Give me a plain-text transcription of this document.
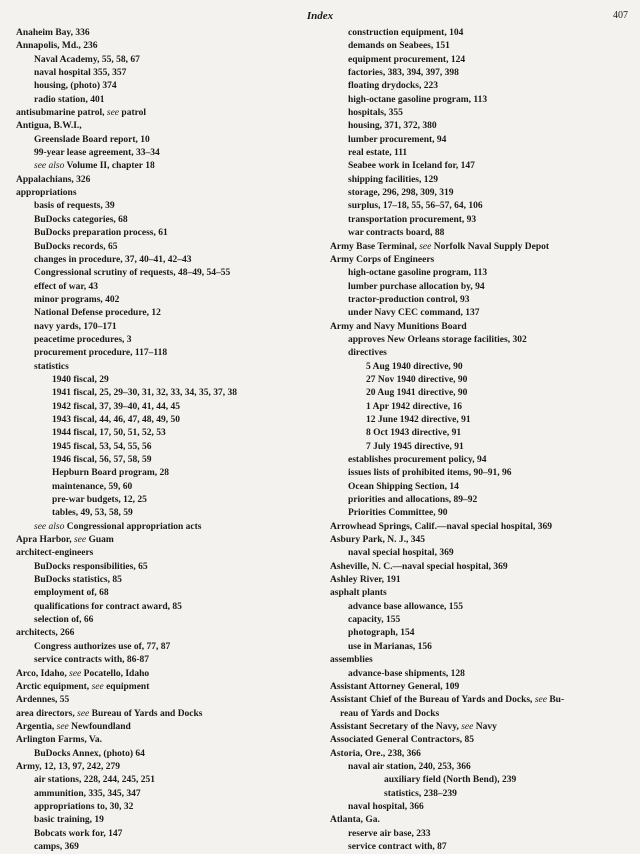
Index	407
Anaheim Bay, 336
Annapolis, Md., 236
Naval Academy, 55, 58, 67
naval hospital 355, 357
housing, (photo) 374
radio station, 401
antisubmarine patrol, see patrol
Antigua, B.W.I.,
Greenslade Board report, 10
99-year lease agreement, 33–34
see also Volume II, chapter 18
Appalachians, 326
appropriations
basis of requests, 39
BuDocks categories, 68
BuDocks preparation process, 61
BuDocks records, 65
changes in procedure, 37, 40–41, 42–43
Congressional scrutiny of requests, 48–49, 54–55
effect of war, 43
minor programs, 402
National Defense procedure, 12
navy yards, 170–171
peacetime procedures, 3
procurement procedure, 117–118
statistics
1940 fiscal, 29
1941 fiscal, 25, 29–30, 31, 32, 33, 34, 35, 37, 38
1942 fiscal, 37, 39–40, 41, 44, 45
1943 fiscal, 44, 46, 47, 48, 49, 50
1944 fiscal, 17, 50, 51, 52, 53
1945 fiscal, 53, 54, 55, 56
1946 fiscal, 56, 57, 58, 59
Hepburn Board program, 28
maintenance, 59, 60
pre-war budgets, 12, 25
tables, 49, 53, 58, 59
see also Congressional appropriation acts
Apra Harbor, see Guam
architect-engineers
BuDocks responsibilities, 65
BuDocks statistics, 85
employment of, 68
qualifications for contract award, 85
selection of, 66
architects, 266
Congress authorizes use of, 77, 87
service contracts with, 86-87
Arco, Idaho, see Pocatello, Idaho
Arctic equipment, see equipment
Ardennes, 55
area directors, see Bureau of Yards and Docks
Argentia, see Newfoundland
Arlington Farms, Va.
BuDocks Annex, (photo) 64
Army, 12, 13, 97, 242, 279
air stations, 228, 244, 245, 251
ammunition, 335, 345, 347
appropriations to, 30, 32
basic training, 19
Bobcats work for, 147
camps, 369
construction equipment, 104
demands on Seabees, 151
equipment procurement, 124
factories, 383, 394, 397, 398
floating drydocks, 223
high-octane gasoline program, 113
hospitals, 355
housing, 371, 372, 380
lumber procurement, 94
real estate, 111
Seabee work in Iceland for, 147
shipping facilities, 129
storage, 296, 298, 309, 319
surplus, 17–18, 55, 56–57, 64, 106
transportation procurement, 93
war contracts board, 88
Army Base Terminal, see Norfolk Naval Supply Depot
Army Corps of Engineers
high-octane gasoline program, 113
lumber purchase allocation by, 94
tractor-production control, 93
under Navy CEC command, 137
Army and Navy Munitions Board
approves New Orleans storage facilities, 302
directives
5 Aug 1940 directive, 90
27 Nov 1940 directive, 90
20 Aug 1941 directive, 90
1 Apr 1942 directive, 16
12 June 1942 directive, 91
8 Oct 1943 directive, 91
7 July 1945 directive, 91
establishes procurement policy, 94
issues lists of prohibited items, 90–91, 96
Ocean Shipping Section, 14
priorities and allocations, 89–92
Priorities Committee, 90
Arrowhead Springs, Calif.—naval special hospital, 369
Asbury Park, N. J., 345
naval special hospital, 369
Asheville, N. C.—naval special hospital, 369
Ashley River, 191
asphalt plants
advance base allowance, 155
capacity, 155
photograph, 154
use in Marianas, 156
assemblies
advance-base shipments, 128
Assistant Attorney General, 109
Assistant Chief of the Bureau of Yards and Docks, see Bu-
reau of Yards and Docks
Assistant Secretary of the Navy, see Navy
Associated General Contractors, 85
Astoria, Ore., 238, 366
naval air station, 240, 253, 366
auxiliary field (North Bend), 239
statistics, 238–239
naval hospital, 366
Atlanta, Ga.
reserve air base, 233
service contract with, 87
